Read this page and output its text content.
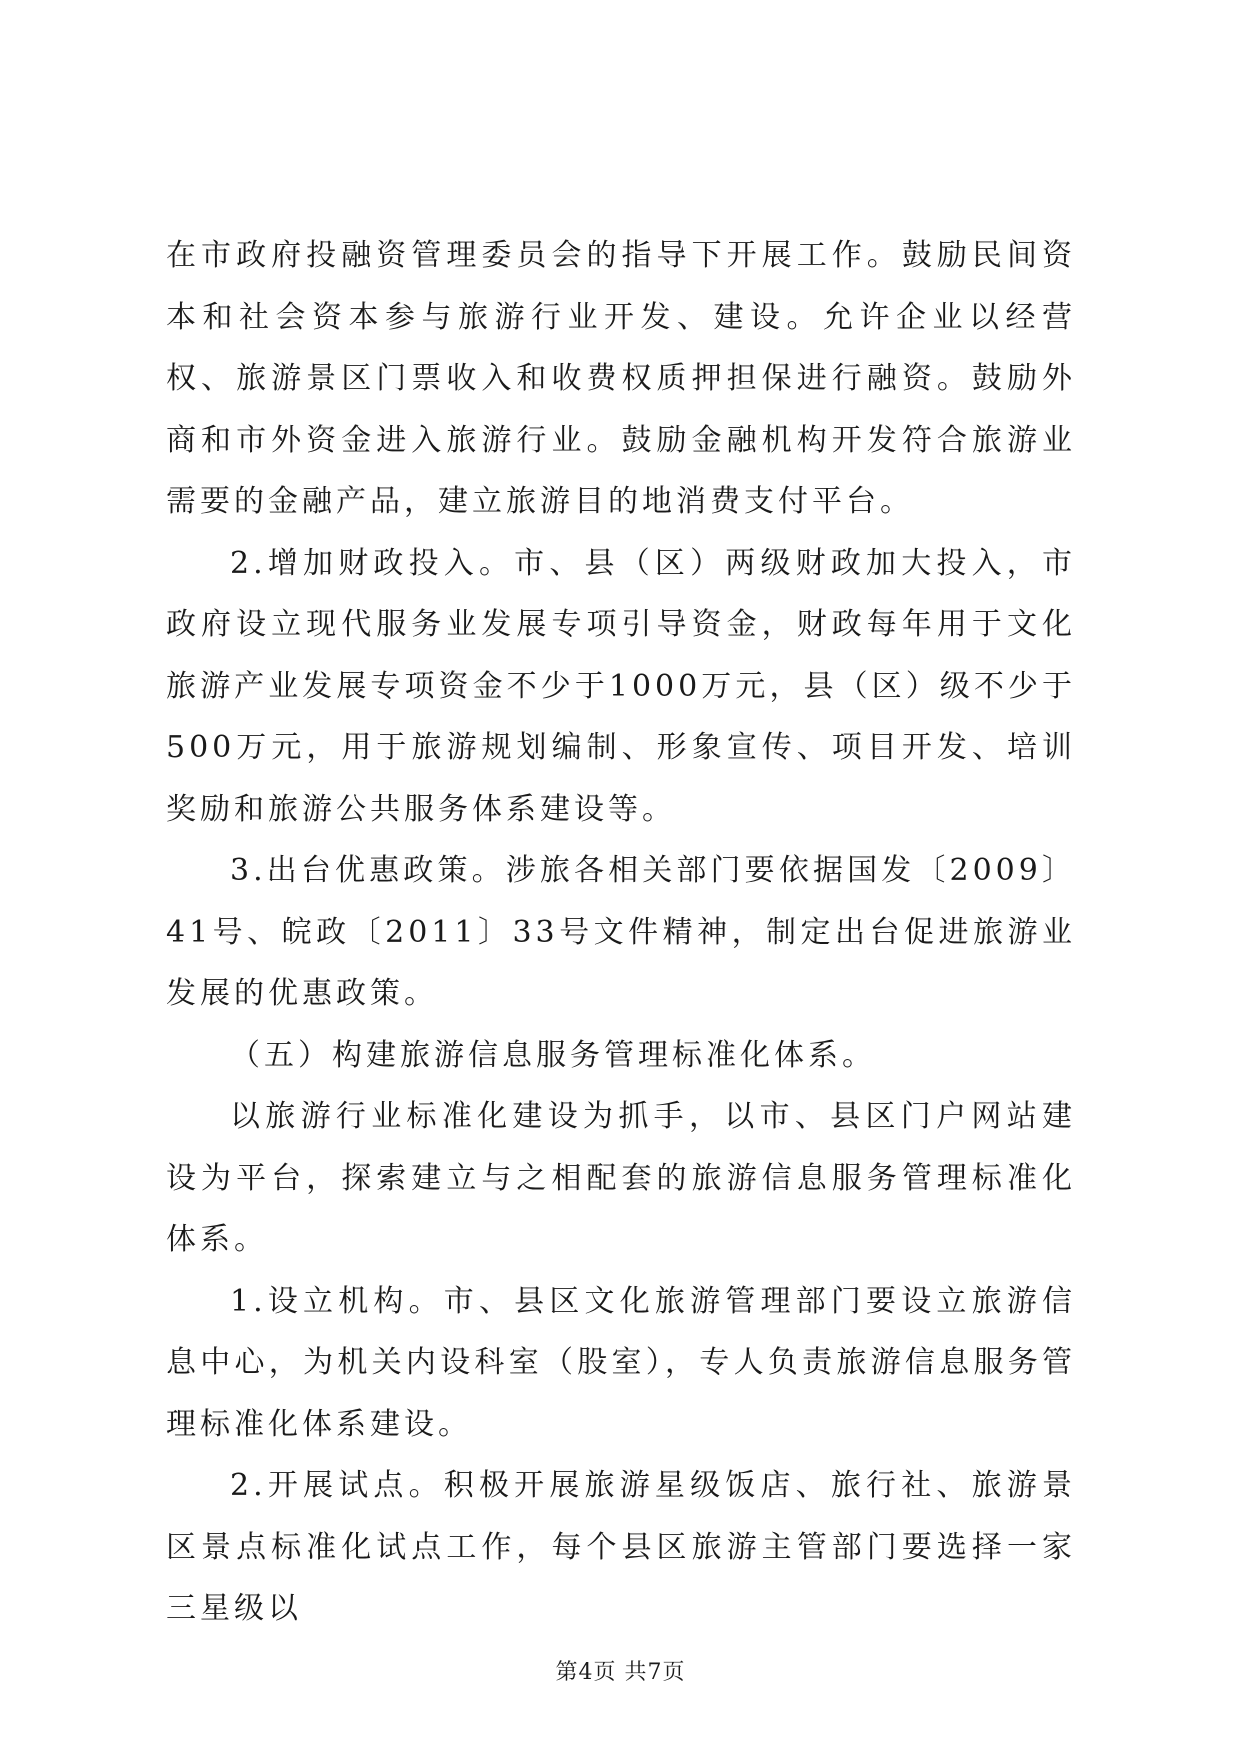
在市政府投融资管理委员会的指导下开展工作。鼓励民间资本和社会资本参与旅游行业开发、建设。允许企业以经营权、旅游景区门票收入和收费权质押担保进行融资。鼓励外商和市外资金进入旅游行业。鼓励金融机构开发符合旅游业需要的金融产品，建立旅游目的地消费支付平台。

2.增加财政投入。市、县（区）两级财政加大投入，市政府设立现代服务业发展专项引导资金，财政每年用于文化旅游产业发展专项资金不少于1000万元，县（区）级不少于500万元，用于旅游规划编制、形象宣传、项目开发、培训奖励和旅游公共服务体系建设等。

3.出台优惠政策。涉旅各相关部门要依据国发〔2009〕41号、皖政〔2011〕33号文件精神，制定出台促进旅游业发展的优惠政策。

（五）构建旅游信息服务管理标准化体系。

以旅游行业标准化建设为抓手，以市、县区门户网站建设为平台，探索建立与之相配套的旅游信息服务管理标准化体系。

1.设立机构。市、县区文化旅游管理部门要设立旅游信息中心，为机关内设科室（股室），专人负责旅游信息服务管理标准化体系建设。

2.开展试点。积极开展旅游星级饭店、旅行社、旅游景区景点标准化试点工作，每个县区旅游主管部门要选择一家三星级以

第4页 共7页
